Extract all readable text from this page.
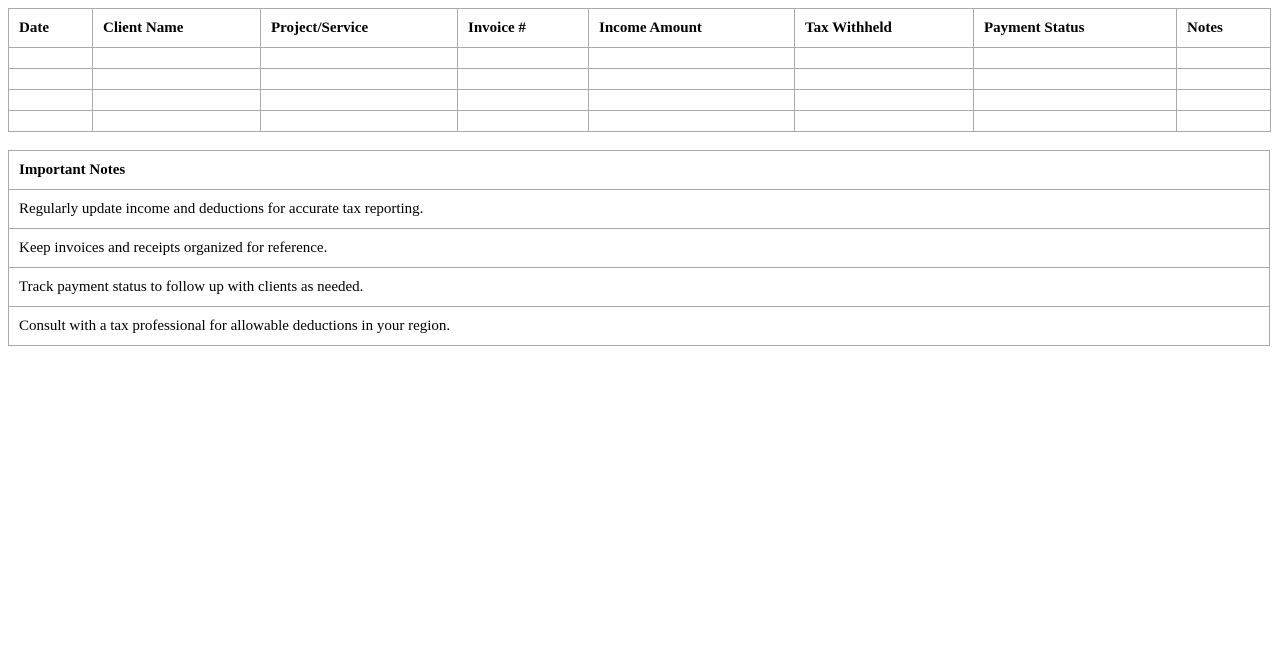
Date	Client Name	Project/Service	Invoice #	Income Amount	Tax Withheld	Payment Status	Notes

Important Notes
Regularly update income and deductions for accurate tax reporting.
Keep invoices and receipts organized for reference.
Track payment status to follow up with clients as needed.
Consult with a tax professional for allowable deductions in your region.
